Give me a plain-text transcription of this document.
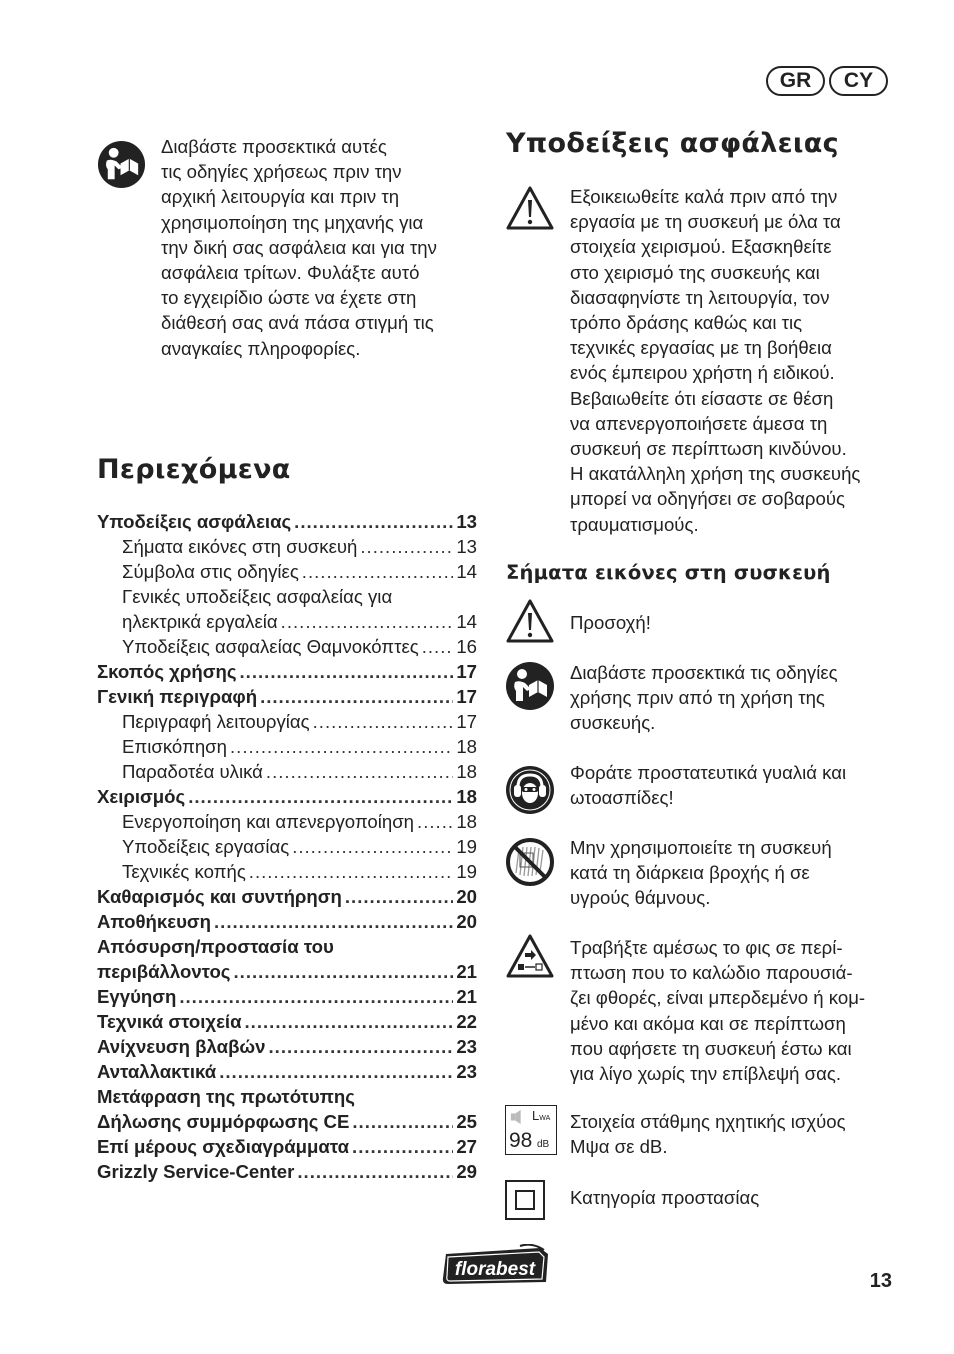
GR	CY
Διαβάστε προσεκτικά αυτές
τις οδηγίες χρήσεως πριν την
αρχική λειτουργία και πριν τη
χρησιμοποίηση της μηχανής για
την δική σας ασφάλεια και για την
ασφάλεια τρίτων. Φυλάξτε αυτό
το εγχειρίδιο ώστε να έχετε στη
διάθεσή σας ανά πάσα στιγμή τις
αναγκαίες πληροφορίες.
Περιεχόμενα
Υποδείξεις ασφάλειας .....	13
Σήματα εικόνες στη συσκευή .....	13
Σύμβολα στις οδηγίες .....	14
Γενικές υποδείξεις ασφαλείας για
ηλεκτρικά εργαλεία .....	14
Υποδείξεις ασφαλείας Θαμνοκόπτες ..... 16
Σκοπός χρήσης .....	17
Γενική περιγραφή .....	17
Περιγραφή λειτουργίας .....	17
Επισκόπηση .....	18
Παραδοτέα υλικά .....	18
Χειρισμός .....	18
Ενεργοποίηση και απενεργοποίηση ..... 18
Υποδείξεις εργασίας .....	19
Τεχνικές κοπής .....	19
Καθαρισμός και συντήρηση .....	20
Αποθήκευση .....	20
Απόσυρση/προστασία του
περιβάλλοντος .....	21
Εγγύηση .....	21
Τεχνικά στοιχεία .....	22
Ανίχνευση βλαβών .....	23
Ανταλλακτικά .....	23
Μετάφραση της πρωτότυπης
Δήλωσης συμμόρφωσης CE .....	25
Επί μέρους σχεδιαγράμματα .....	27
Grizzly Service-Center .....	29
Υποδείξεις ασφάλειας
Εξοικειωθείτε καλά πριν από την
εργασία με τη συσκευή με όλα τα
στοιχεία χειρισμού. Εξασκηθείτε
στο χειρισμό της συσκευής και
διασαφηνίστε τη λειτουργία, τον
τρόπο δράσης καθώς και τις
τεχνικές εργασίας με τη βοήθεια
ενός έμπειρου χρήστη ή ειδικού.
Βεβαιωθείτε ότι είσαστε σε θέση
να απενεργοποιήσετε άμεσα τη
συσκευή σε περίπτωση κινδύνου.
Η ακατάλληλη χρήση της συσκευής
μπορεί να οδηγήσει σε σοβαρούς
τραυματισμούς.
Σήματα εικόνες στη συσκευή
Προσοχή!
Διαβάστε προσεκτικά τις οδηγίες
χρήσης πριν από τη χρήση της
συσκευής.
Φοράτε προστατευτικά γυαλιά και
ωτοασπίδες!
Μην χρησιμοποιείτε τη συσκευή
κατά τη διάρκεια βροχής ή σε
υγρούς θάμνους.
Τραβήξτε αμέσως το φις σε περί-
πτωση που το καλώδιο παρουσιά-
ζει φθορές, είναι μπερδεμένο ή κομ-
μένο και ακόμα και σε περίπτωση
που αφήσετε τη συσκευή έστω και
για λίγο χωρίς την επίβλεψή σας.
LWA
98 dB
Στοιχεία στάθμης ηχητικής ισχύος
Μψα σε dB.
Κατηγορία προστασίας
florabest
13
